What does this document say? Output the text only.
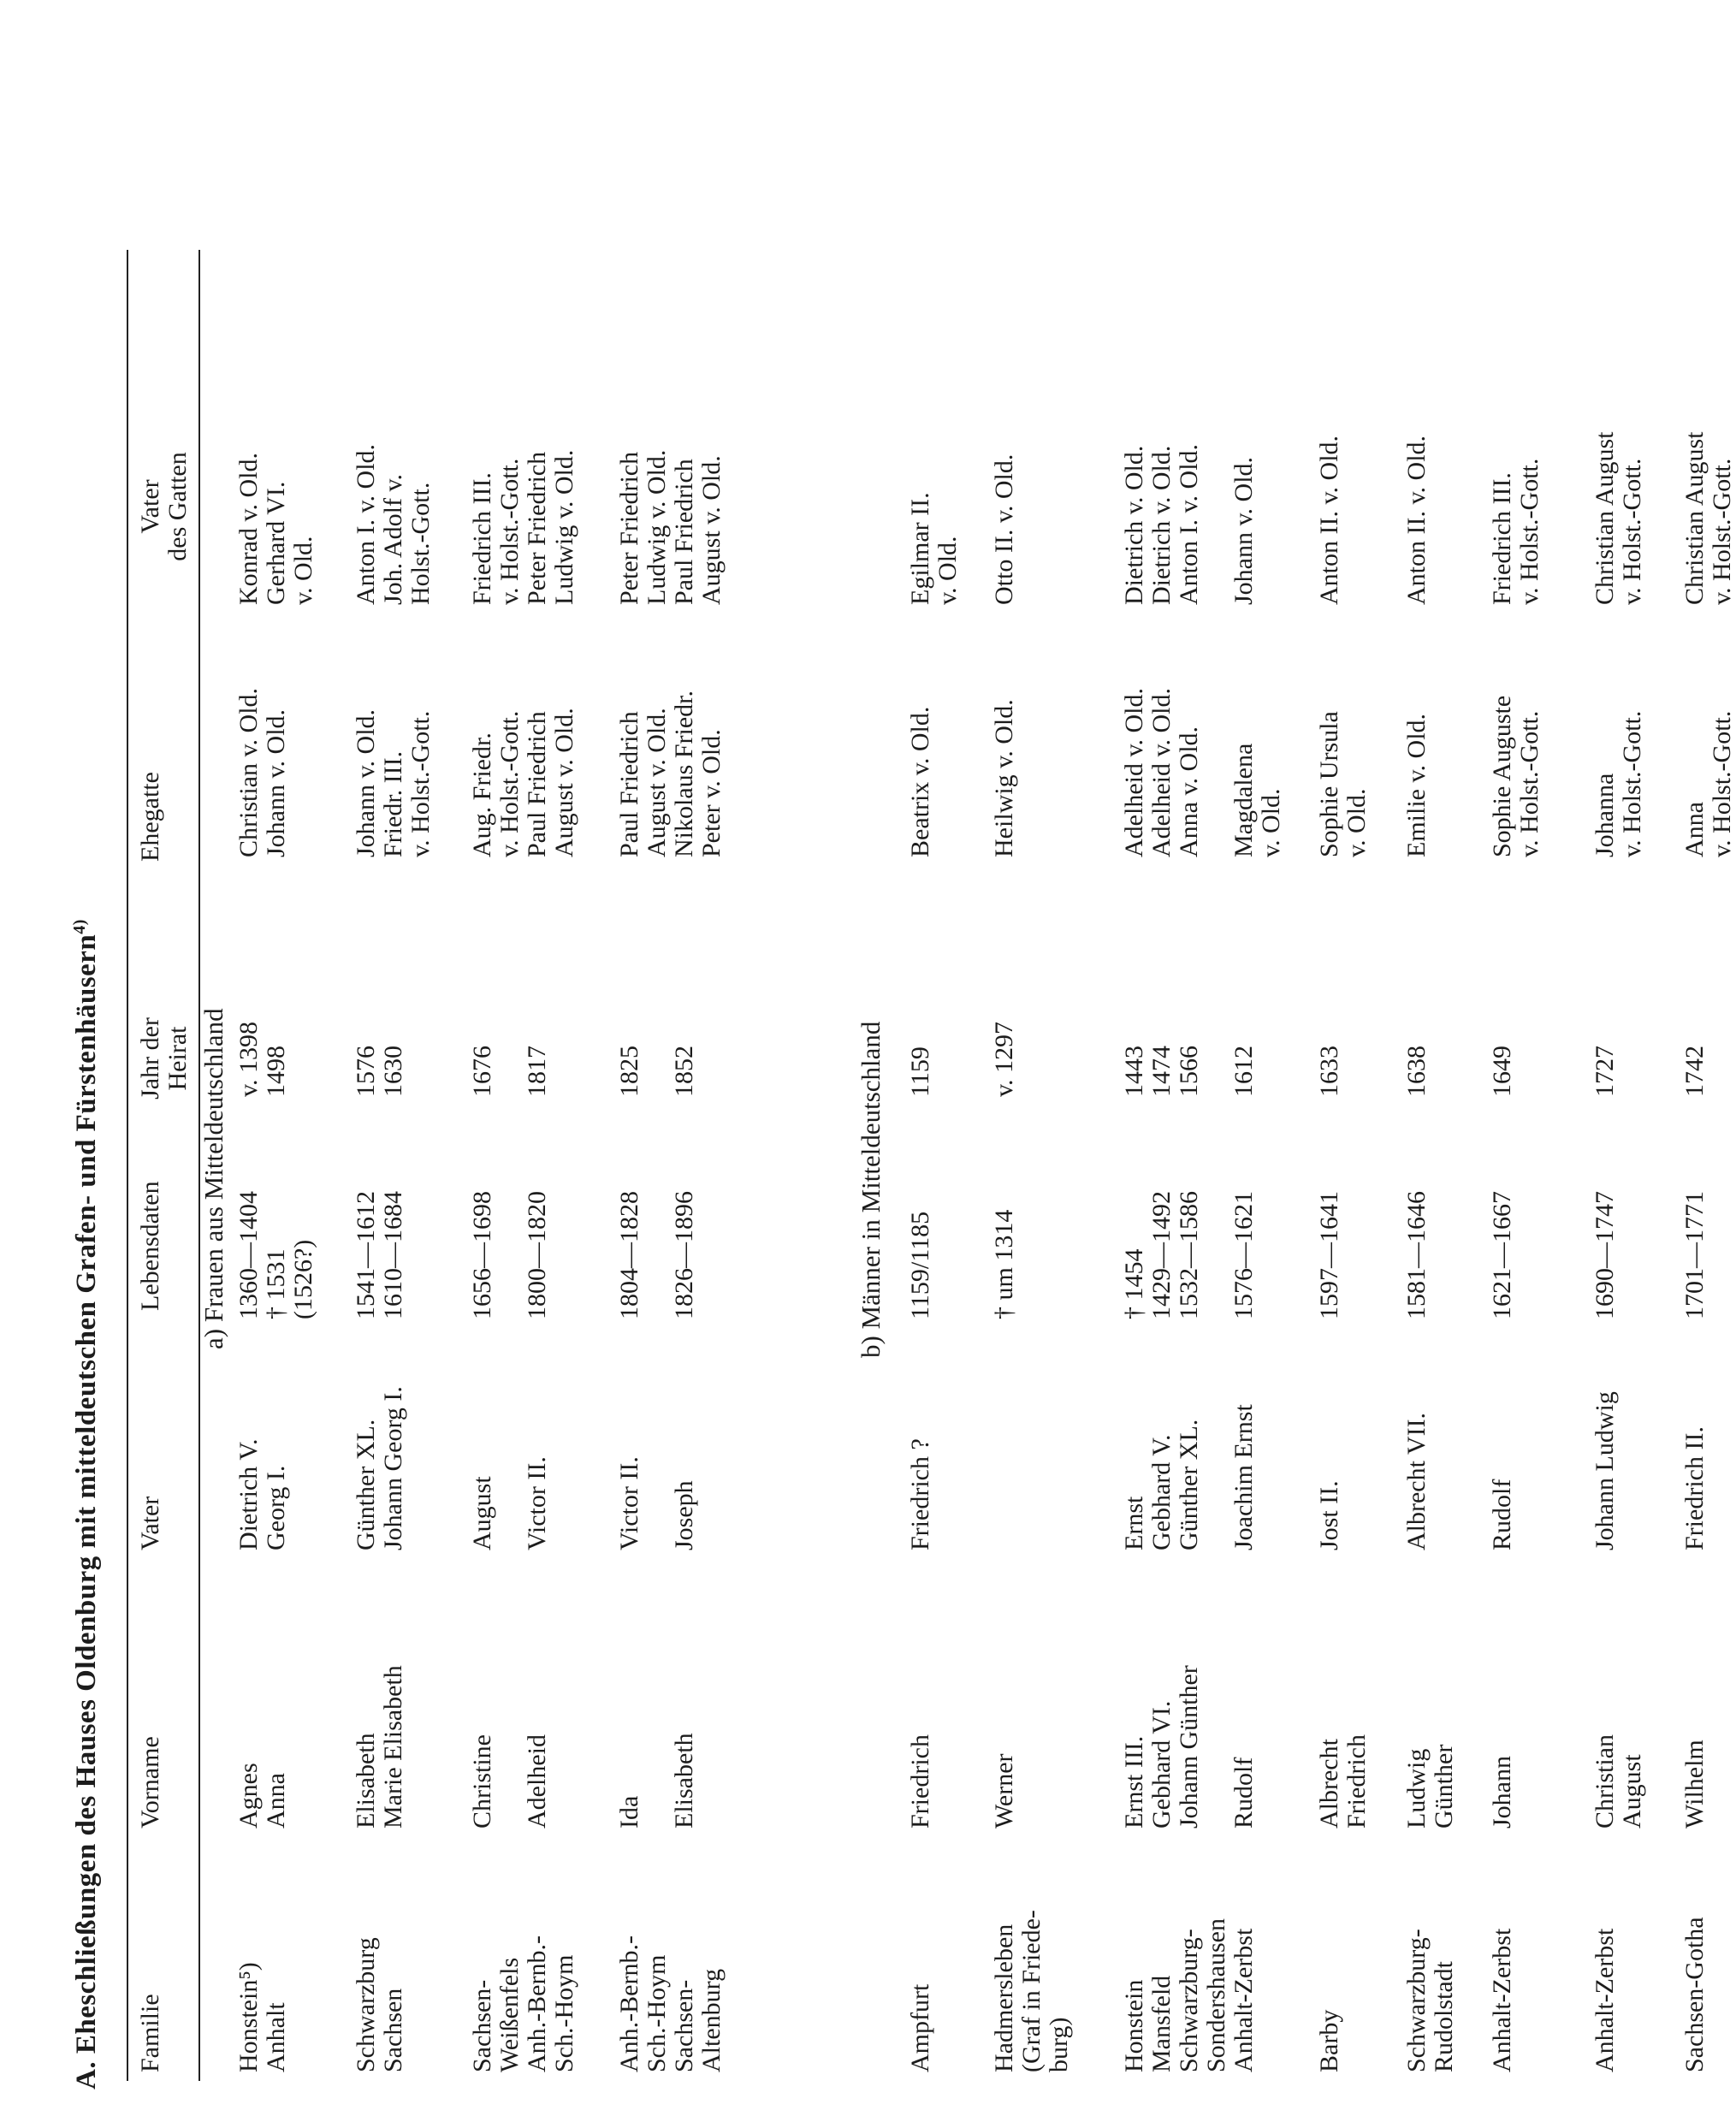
A. Eheschließungen des Hauses Oldenburg mit mitteldeutschen Grafen- und Fürstenhäusern$^{4)}$
Familie
Vorname
Vater
Lebensdaten
Jahr der Heirat
Ehegatte
Vater des Gatten
a) Frauen aus Mitteldeutschland
Honstein⁵) Anhalt
Agnes Anna
Dietrich V. Georg I.
1360—1404 † 1531 (1526?)
v. 1398 1498
Christian v. Old. Johann v. Old.
Konrad v. Old. Gerhard VI. v. Old.
Schwarzburg Sachsen
Elisabeth Marie Elisabeth
Günther XL. Johann Georg I.
1541—1612 1610—1684
1576 1630
Johann v. Old. Friedr. III. v. Holst.-Gott.
Anton I. v. Old. Joh. Adolf v. Holst.-Gott.
Sachsen- Weißenfels Anh.-Bernb.- Sch.-Hoym
Christine Adelheid
August Victor II.
1656—1698 1800—1820
1676 1817
Aug. Friedr. v. Holst.-Gott. Paul Friedrich August v. Old.
Friedrich III. v. Holst.-Gott. Peter Friedrich Ludwig v. Old.
Anh.-Bernb.- Sch.-Hoym Sachsen- Altenburg
Ida Elisabeth
Victor II. Joseph
1804—1828 1826—1896
1825 1852
Paul Friedrich August v. Old. Nikolaus Friedr. Peter v. Old.
Peter Friedrich Ludwig v. Old. Paul Friedrich August v. Old.
b) Männer in Mitteldeutschland
Ampfurt
Friedrich
Friedrich ?
1159/1185
1159
Beatrix v. Old.
Egilmar II. v. Old.
Hadmersleben (Graf in Friede- burg)
Werner
† um 1314
v. 1297
Heilwig v. Old.
Otto II. v. Old.
Honstein Mansfeld Schwarzburg- Sondershausen
Ernst III. Gebhard VI. Johann Günther
Ernst Gebhard V. Günther XL.
† 1454 1429—1492 1532—1586
1443 1474 1566
Adelheid v. Old. Adelheid v. Old. Anna v. Old.
Dietrich v. Old. Dietrich v. Old. Anton I. v. Old.
Anhalt-Zerbst
Rudolf
Joachim Ernst
1576—1621
1612
Magdalena v. Old.
Johann v. Old.
Barby
Albrecht Friedrich
Jost II.
1597—1641
1633
Sophie Ursula v. Old.
Anton II. v. Old.
Schwarzburg- Rudolstadt
Ludwig Günther
Albrecht VII.
1581—1646
1638
Emilie v. Old.
Anton II. v. Old.
Anhalt-Zerbst
Johann
Rudolf
1621—1667
1649
Sophie Auguste v. Holst.-Gott.
Friedrich III. v. Holst.-Gott.
Anhalt-Zerbst
Christian August
Johann Ludwig
1690—1747
1727
Johanna v. Holst.-Gott.
Christian August v. Holst.-Gott.
Sachsen-Gotha
Wilhelm
Friedrich II.
1701—1771
1742
Anna v. Holst.-Gott.
Christian August v. Holst.-Gott.
